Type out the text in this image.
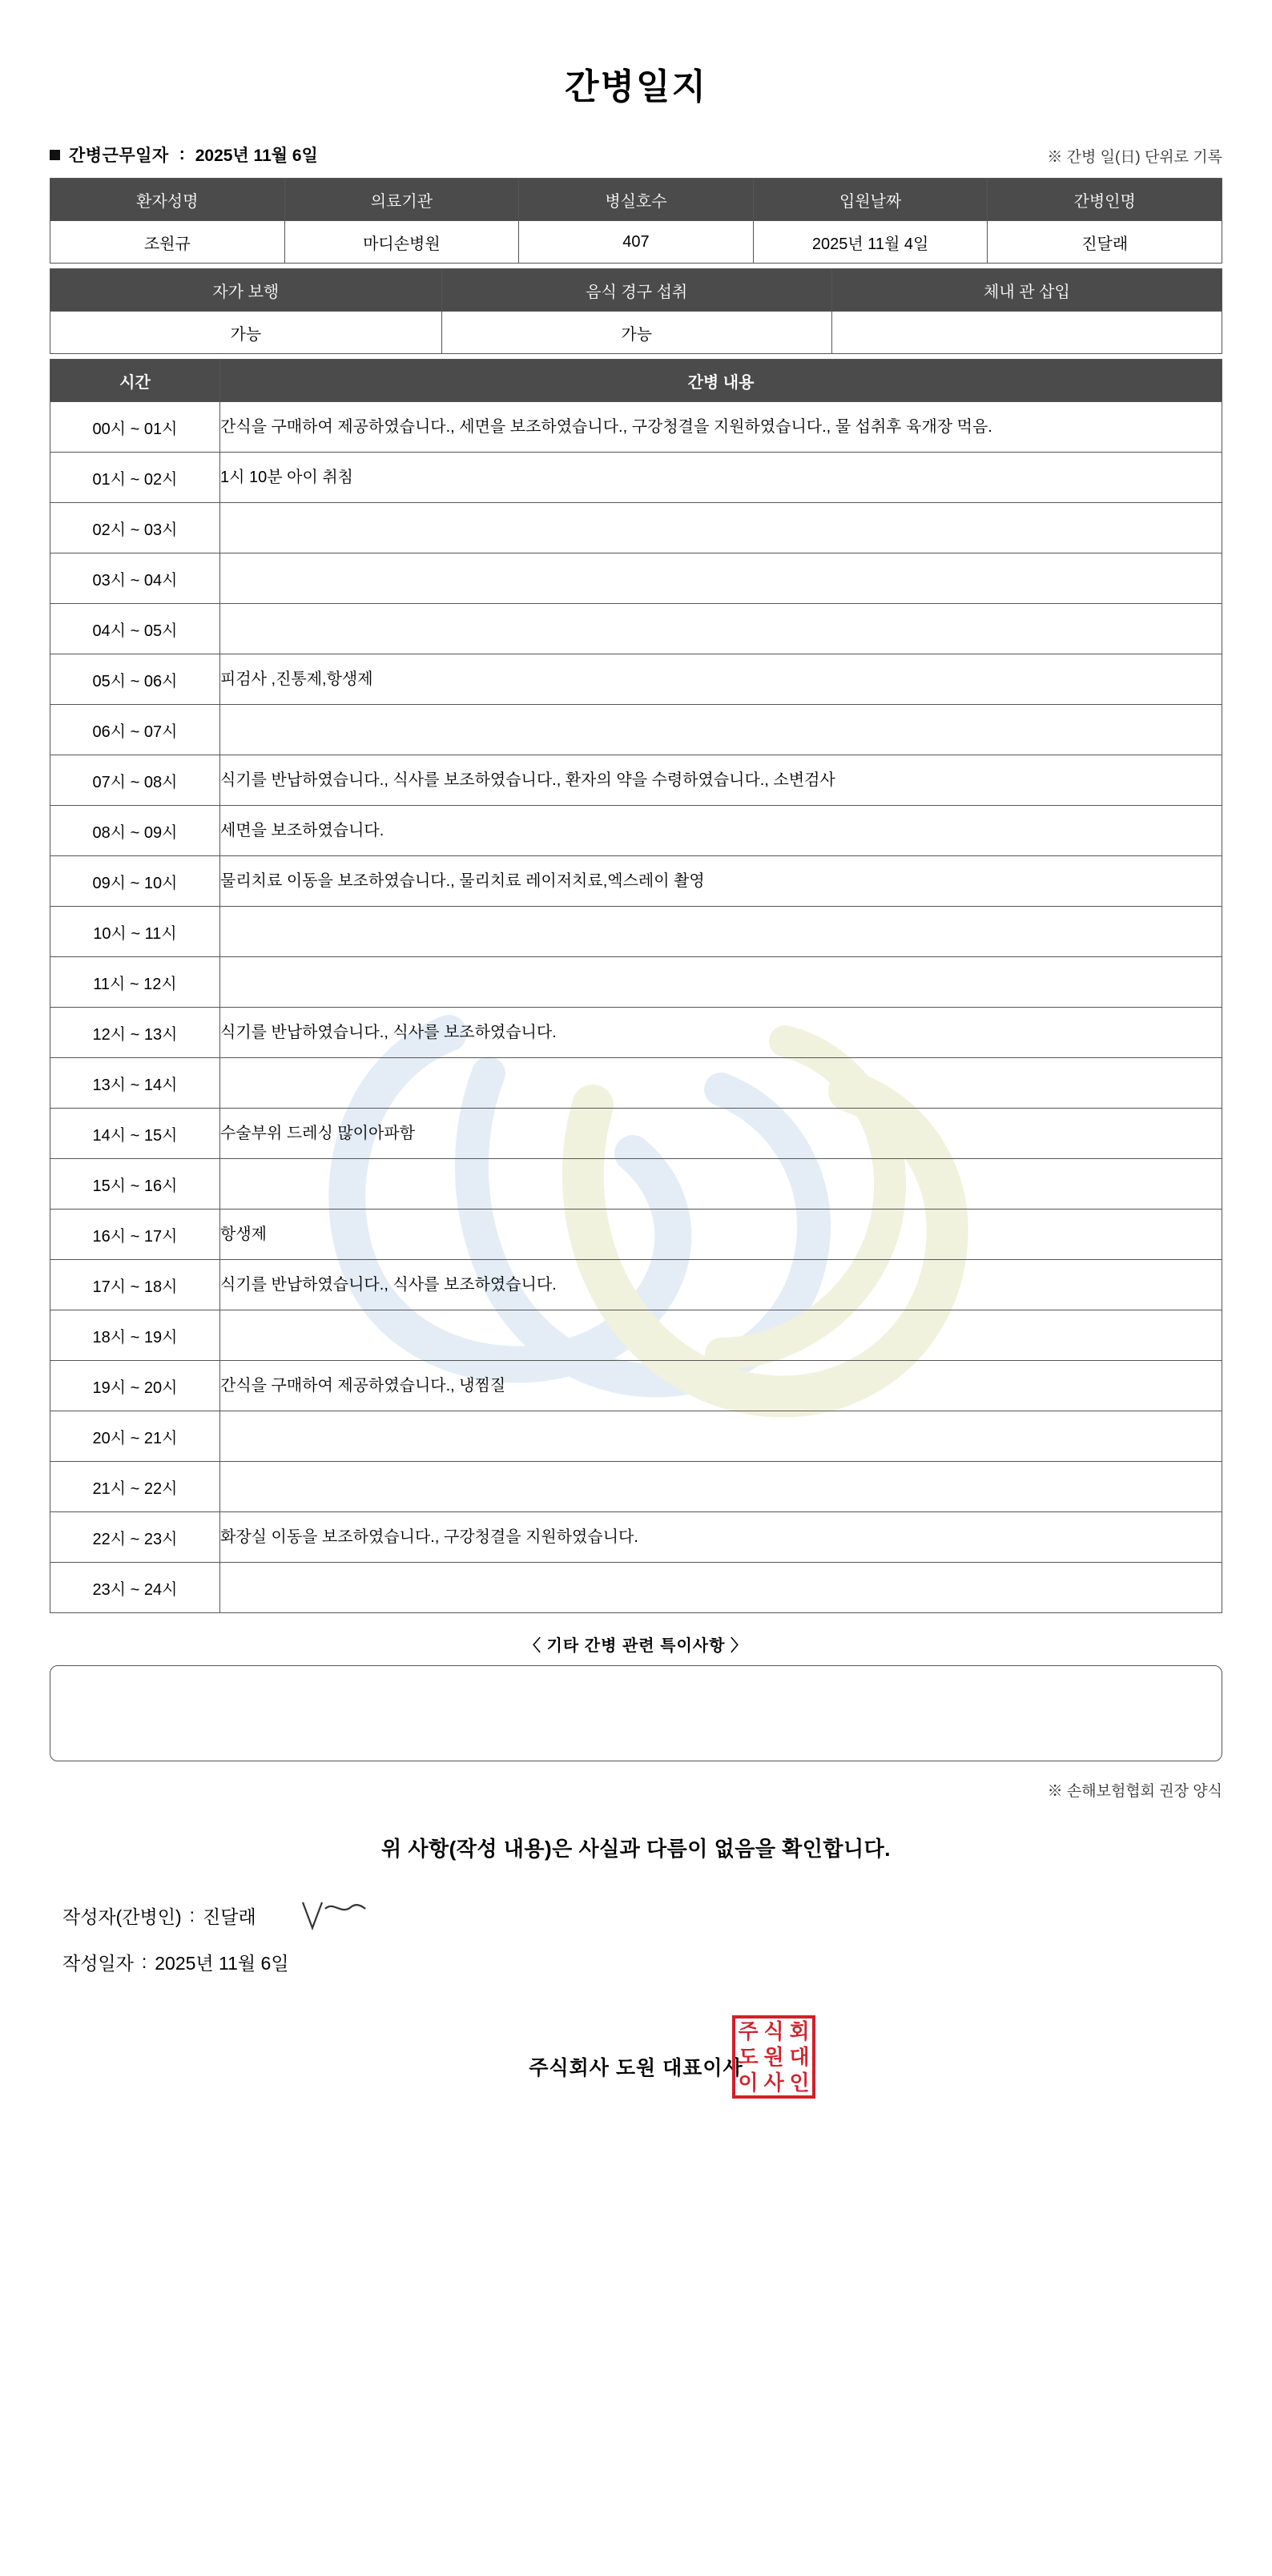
간병일지
간병근무일자 : 2025년 11월 6일	※ 간병 일(日) 단위로 기록
환자성명	의료기관	병실호수	입원날짜	간병인명
조원규	마디손병원	407	2025년 11월 4일	진달래
자가 보행	음식 경구 섭취	체내 관 삽입
가능	가능	
시간	간병 내용
00시 ~ 01시	간식을 구매하여 제공하였습니다., 세면을 보조하였습니다., 구강청결을 지원하였습니다., 물 섭취후 육개장 먹음.
01시 ~ 02시	1시 10분 아이 취침
02시 ~ 03시	
03시 ~ 04시	
04시 ~ 05시	
05시 ~ 06시	피검사 ,진통제,항생제
06시 ~ 07시	
07시 ~ 08시	식기를 반납하였습니다., 식사를 보조하였습니다., 환자의 약을 수령하였습니다., 소변검사
08시 ~ 09시	세면을 보조하였습니다.
09시 ~ 10시	물리치료 이동을 보조하였습니다., 물리치료 레이저치료,엑스레이 촬영
10시 ~ 11시	
11시 ~ 12시	
12시 ~ 13시	식기를 반납하였습니다., 식사를 보조하였습니다.
13시 ~ 14시	
14시 ~ 15시	수술부위 드레싱 많이아파함
15시 ~ 16시	
16시 ~ 17시	항생제
17시 ~ 18시	식기를 반납하였습니다., 식사를 보조하였습니다.
18시 ~ 19시	
19시 ~ 20시	간식을 구매하여 제공하였습니다., 냉찜질
20시 ~ 21시	
21시 ~ 22시	
22시 ~ 23시	화장실 이동을 보조하였습니다., 구강청결을 지원하였습니다.
23시 ~ 24시	
〈 기타 간병 관련 특이사항 〉
※ 손해보험협회 권장 양식
위 사항(작성 내용)은 사실과 다름이 없음을 확인합니다.
작성자(간병인) : 진달래
작성일자 : 2025년 11월 6일
주식회사 도원 대표이사
주 식 회
도 원 대
이 사 인
